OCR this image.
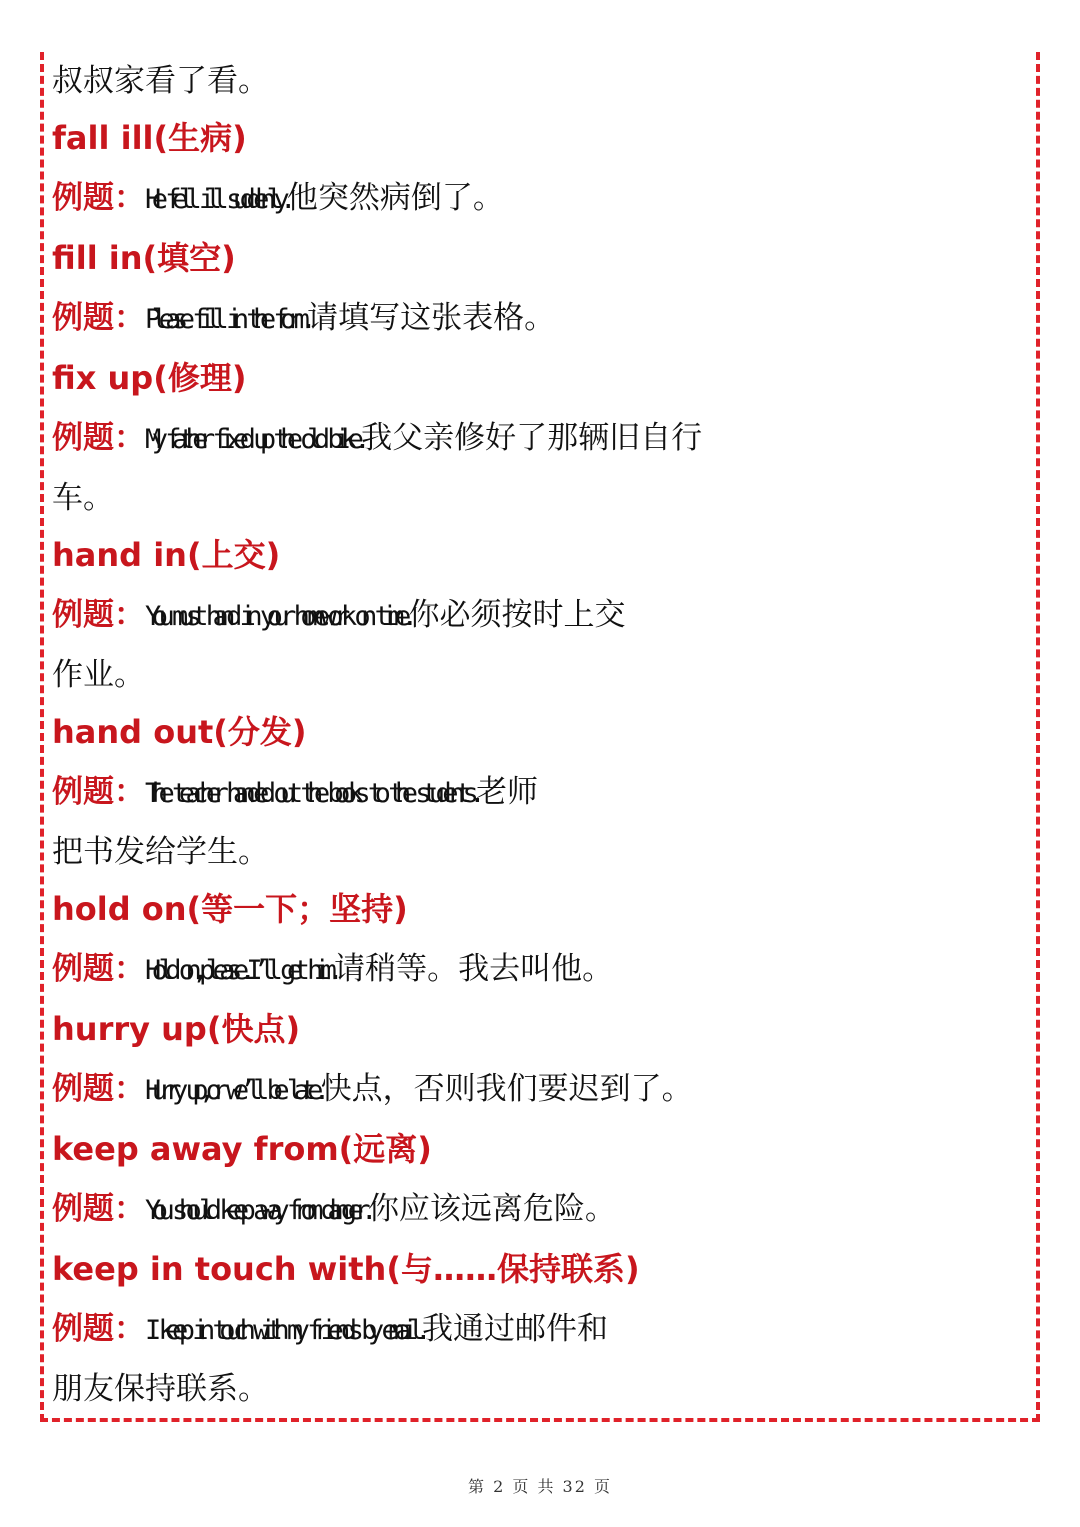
叔叔家看了看。
fall ill(生病)
例题：He fell ill suddenly.他突然病倒了。
fill in(填空)
例题：Please fill in the form.请填写这张表格。
fix up(修理)
例题：My father fixed up the old bike.我父亲修好了那辆旧自行
车。
hand in(上交)
例题：You must hand in your homework on time.你必须按时上交
作业。
hand out(分发)
例题：The teacher handed out the books to the students.老师
把书发给学生。
hold on(等一下；坚持)
例题：Hold on,please.I’ll get him.请稍等。我去叫他。
hurry up(快点)
例题：Hurry up,or we’ll be late.快点，否则我们要迟到了。
keep away from(远离)
例题：You should keep away from danger.你应该远离危险。
keep in touch with(与……保持联系)
例题：I keep in touch with my friends by email.我通过邮件和
朋友保持联系。
第 2 页 共 32 页
